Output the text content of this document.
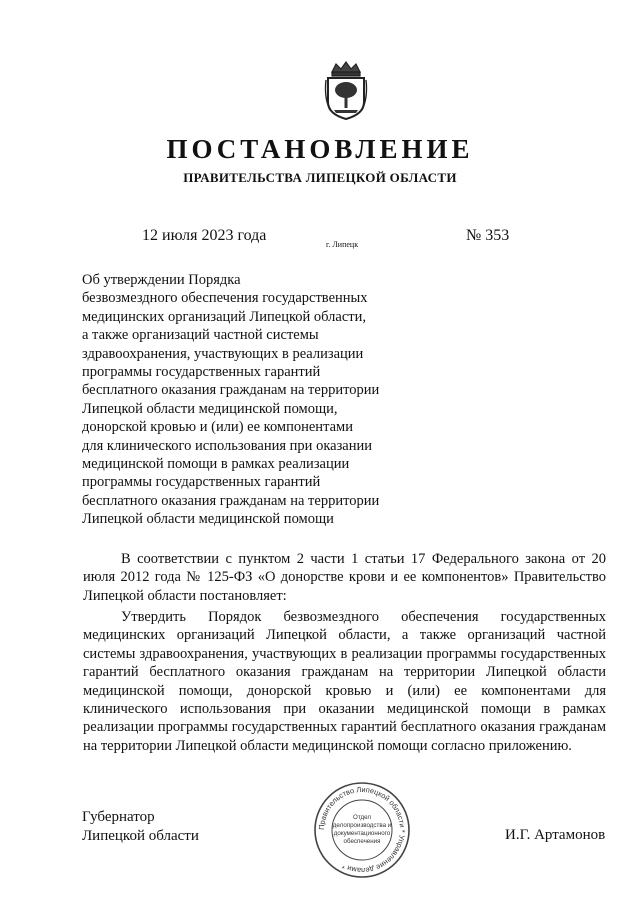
ПОСТАНОВЛЕНИЕ
ПРАВИТЕЛЬСТВА ЛИПЕЦКОЙ ОБЛАСТИ
12 июля 2023 года
г. Липецк
№ 353
Об утверждении Порядка
безвозмездного обеспечения государственных
медицинских организаций Липецкой области,
а также организаций частной системы
здравоохранения, участвующих в реализации
программы государственных гарантий
бесплатного оказания гражданам на территории
Липецкой области медицинской помощи,
донорской кровью и (или) ее компонентами
для клинического использования при оказании
медицинской помощи в рамках реализации
программы государственных гарантий
бесплатного оказания гражданам на территории
Липецкой области медицинской помощи
В соответствии с пунктом 2 части 1 статьи 17 Федерального закона от 20 июля 2012 года № 125-ФЗ «О донорстве крови и ее компонентов» Правительство Липецкой области постановляет:
Утвердить Порядок безвозмездного обеспечения государственных медицинских организаций Липецкой области, а также организаций частной системы здравоохранения, участвующих в реализации программы государственных гарантий бесплатного оказания гражданам на территории Липецкой области медицинской помощи, донорской кровью и (или) ее компонентами для клинического использования при оказании медицинской помощи в рамках реализации программы государственных гарантий бесплатного оказания гражданам на территории Липецкой области медицинской помощи согласно приложению.
Губернатор
Липецкой области	И.Г. Артамонов
Правительство Липецкой области * Управление делами *
Отдел
делопроизводства и
документационного
обеспечения
